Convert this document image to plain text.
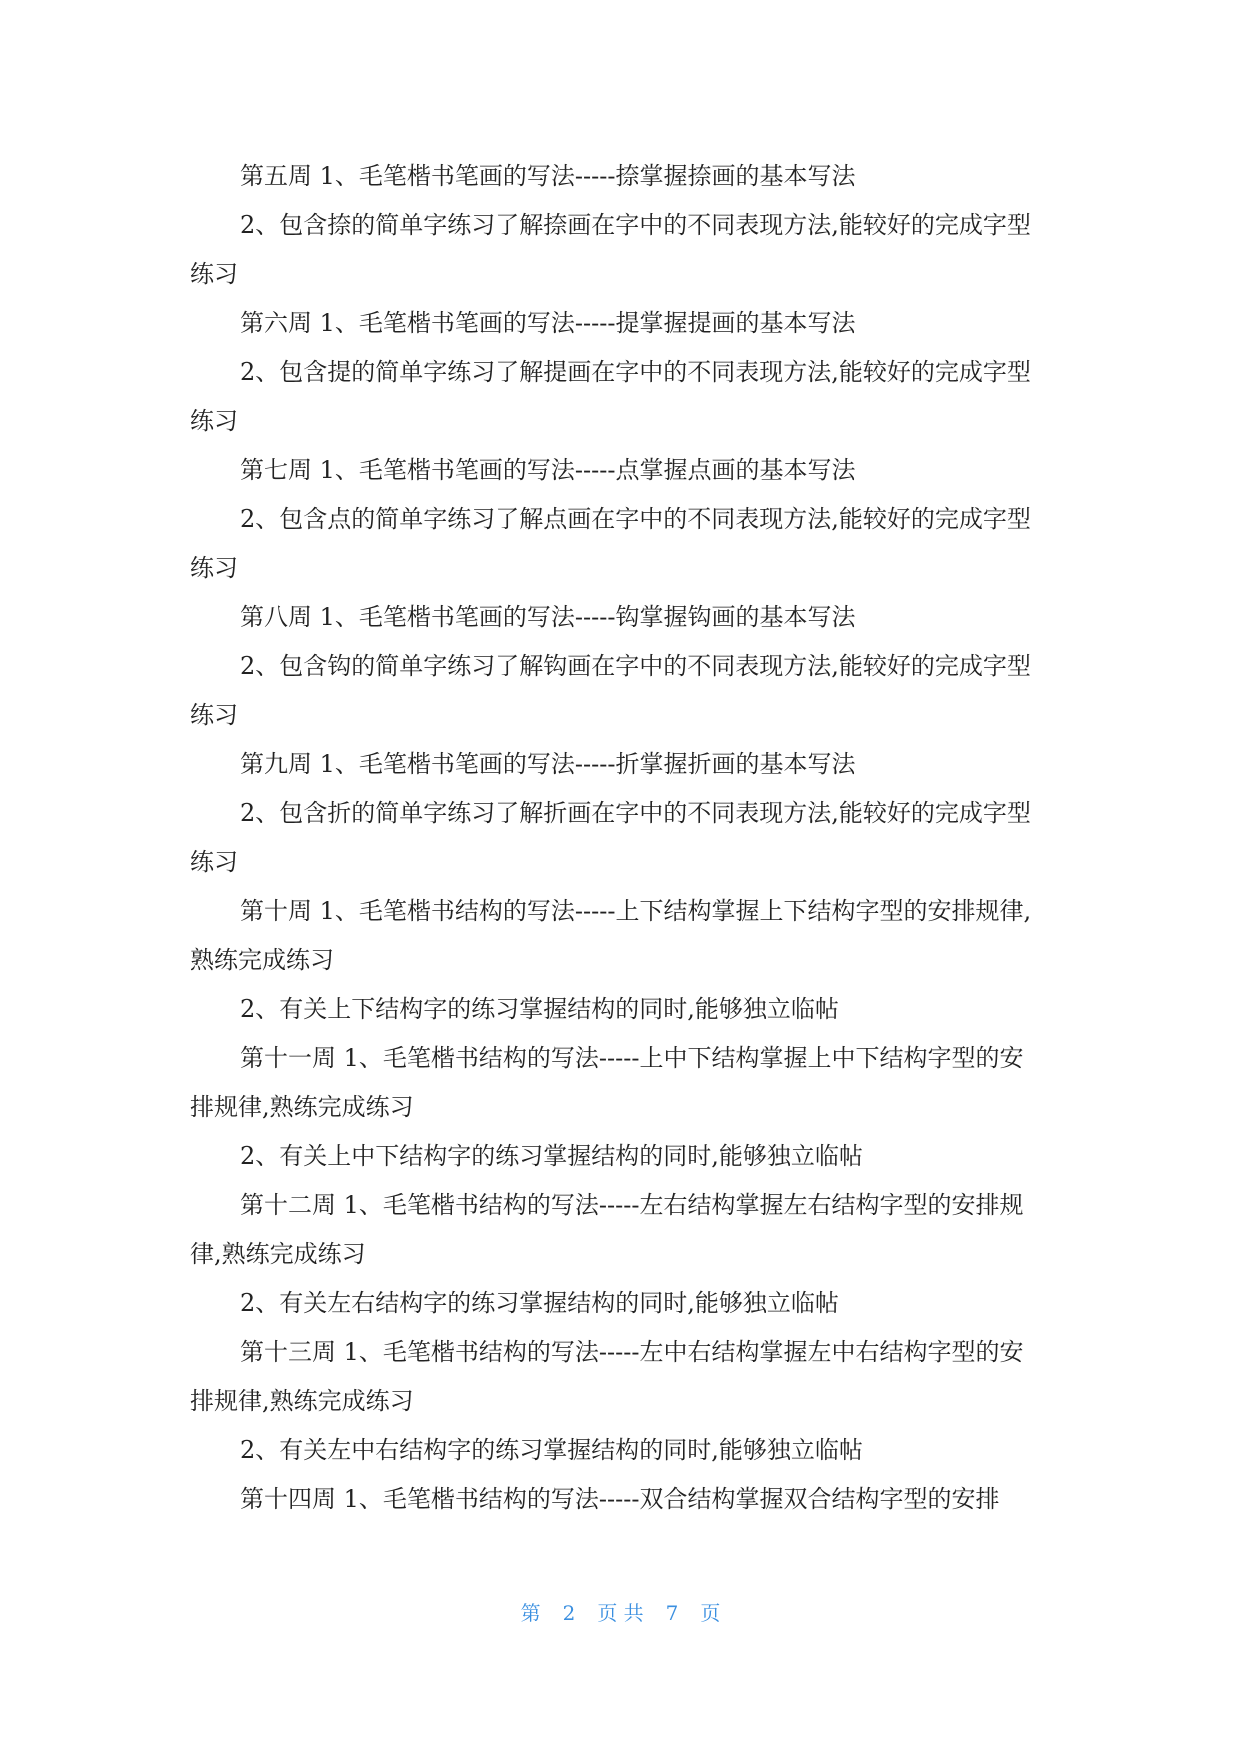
第五周 1、毛笔楷书笔画的写法-----捺掌握捺画的基本写法

2、包含捺的简单字练习了解捺画在字中的不同表现方法,能较好的完成字型练习

第六周 1、毛笔楷书笔画的写法-----提掌握提画的基本写法

2、包含提的简单字练习了解提画在字中的不同表现方法,能较好的完成字型练习

第七周 1、毛笔楷书笔画的写法-----点掌握点画的基本写法

2、包含点的简单字练习了解点画在字中的不同表现方法,能较好的完成字型练习

第八周 1、毛笔楷书笔画的写法-----钩掌握钩画的基本写法

2、包含钩的简单字练习了解钩画在字中的不同表现方法,能较好的完成字型练习

第九周 1、毛笔楷书笔画的写法-----折掌握折画的基本写法

2、包含折的简单字练习了解折画在字中的不同表现方法,能较好的完成字型练习

第十周 1、毛笔楷书结构的写法-----上下结构掌握上下结构字型的安排规律,熟练完成练习

2、有关上下结构字的练习掌握结构的同时,能够独立临帖

第十一周 1、毛笔楷书结构的写法-----上中下结构掌握上中下结构字型的安排规律,熟练完成练习

2、有关上中下结构字的练习掌握结构的同时,能够独立临帖

第十二周 1、毛笔楷书结构的写法-----左右结构掌握左右结构字型的安排规律,熟练完成练习

2、有关左右结构字的练习掌握结构的同时,能够独立临帖

第十三周 1、毛笔楷书结构的写法-----左中右结构掌握左中右结构字型的安排规律,熟练完成练习

2、有关左中右结构字的练习掌握结构的同时,能够独立临帖

第十四周 1、毛笔楷书结构的写法-----双合结构掌握双合结构字型的安排

第 2 页 共 7 页
